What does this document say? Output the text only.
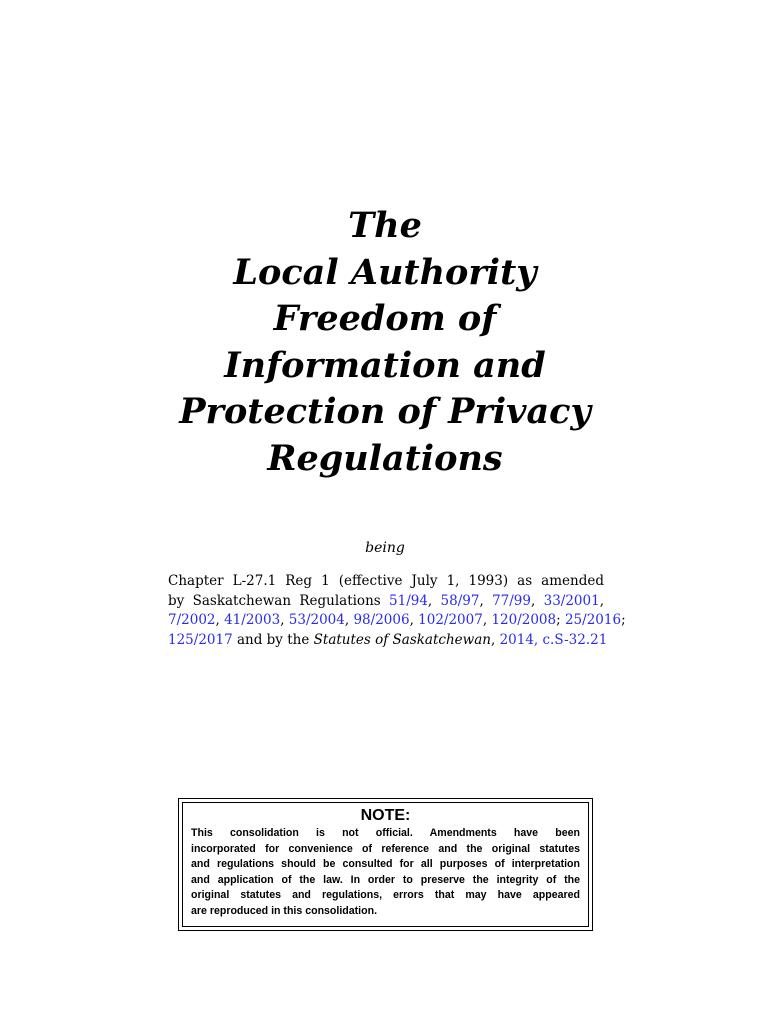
The
Local Authority
Freedom of
Information and
Protection of Privacy
Regulations
being
Chapter L-27.1 Reg 1 (effective July 1, 1993) as amended
by Saskatchewan Regulations 51/94, 58/97, 77/99, 33/2001,
7/2002, 41/2003, 53/2004, 98/2006, 102/2007, 120/2008; 25/2016;
125/2017 and by the Statutes of Saskatchewan, 2014, c.S-32.21
NOTE:
This consolidation is not official. Amendments have been
incorporated for convenience of reference and the original statutes
and regulations should be consulted for all purposes of interpretation
and application of the law. In order to preserve the integrity of the
original statutes and regulations, errors that may have appeared
are reproduced in this consolidation.
